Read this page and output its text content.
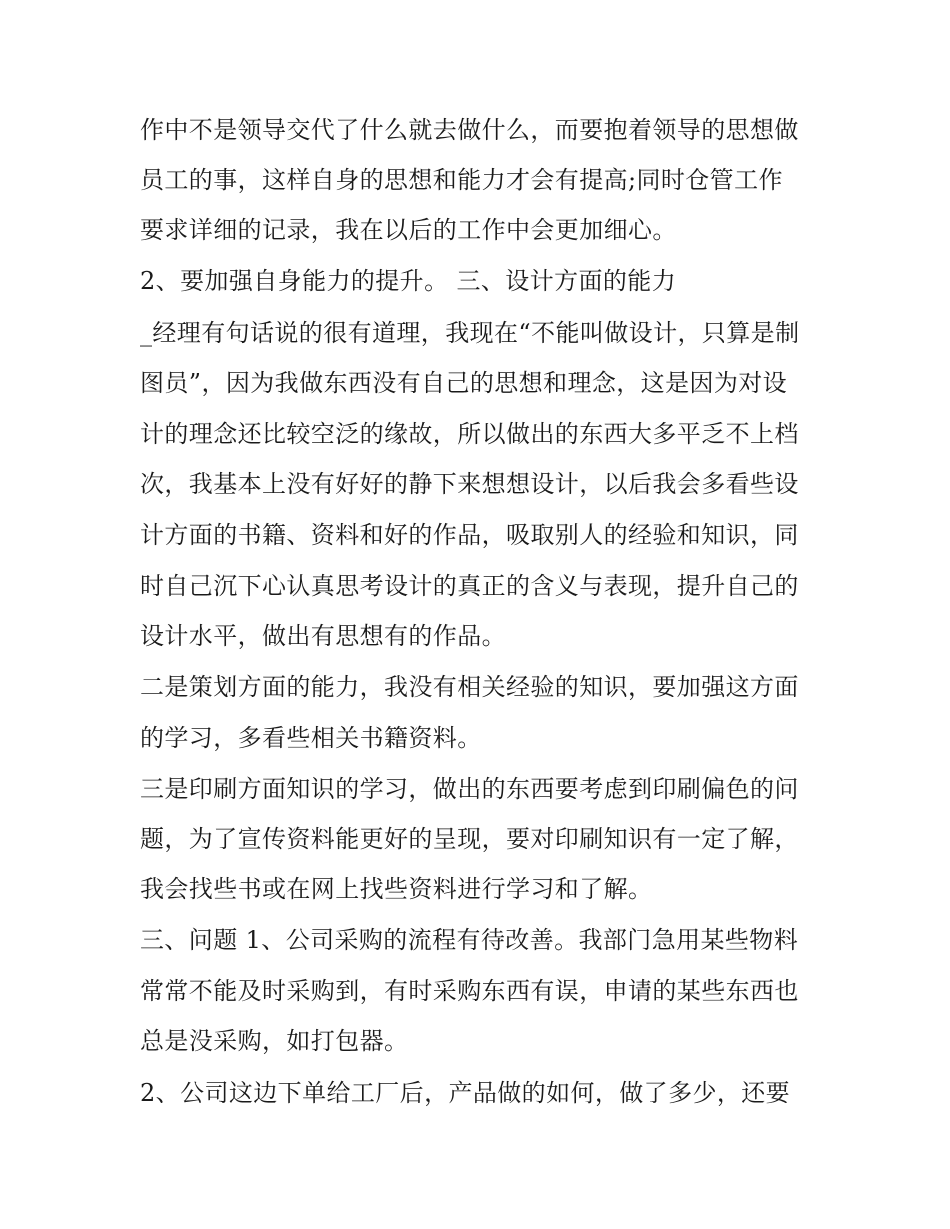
作中不是领导交代了什么就去做什么，而要抱着领导的思想做
员工的事，这样自身的思想和能力才会有提高;同时仓管工作
要求详细的记录，我在以后的工作中会更加细心。
2、要加强自身能力的提升。 三、设计方面的能力
_经理有句话说的很有道理，我现在“不能叫做设计，只算是制
图员”，因为我做东西没有自己的思想和理念，这是因为对设
计的理念还比较空泛的缘故，所以做出的东西大多平乏不上档
次，我基本上没有好好的静下来想想设计，以后我会多看些设
计方面的书籍、资料和好的作品，吸取别人的经验和知识，同
时自己沉下心认真思考设计的真正的含义与表现，提升自己的
设计水平，做出有思想有的作品。
二是策划方面的能力，我没有相关经验的知识，要加强这方面
的学习，多看些相关书籍资料。
三是印刷方面知识的学习，做出的东西要考虑到印刷偏色的问
题，为了宣传资料能更好的呈现，要对印刷知识有一定了解，
我会找些书或在网上找些资料进行学习和了解。
三、问题 1、公司采购的流程有待改善。我部门急用某些物料
常常不能及时采购到，有时采购东西有误，申请的某些东西也
总是没采购，如打包器。
2、公司这边下单给工厂后，产品做的如何，做了多少，还要
